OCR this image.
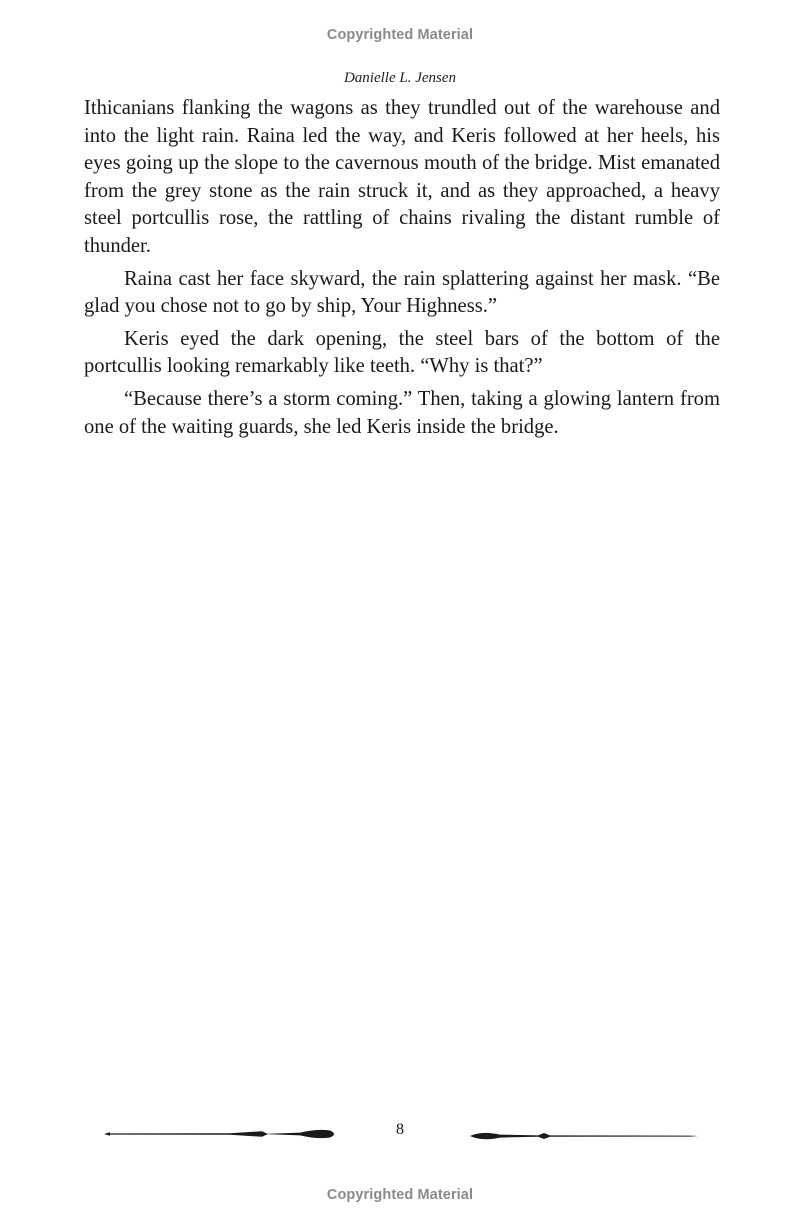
Copyrighted Material
Danielle L. Jensen

Ithicanians flanking the wagons as they trundled out of the warehouse and into the light rain. Raina led the way, and Keris followed at her heels, his eyes going up the slope to the cavernous mouth of the bridge. Mist emanated from the grey stone as the rain struck it, and as they approached, a heavy steel portcullis rose, the rattling of chains rivaling the distant rumble of thunder.

Raina cast her face skyward, the rain splattering against her mask. “Be glad you chose not to go by ship, Your Highness.”

Keris eyed the dark opening, the steel bars of the bottom of the portcullis looking remarkably like teeth. “Why is that?”

“Because there’s a storm coming.” Then, taking a glowing lantern from one of the waiting guards, she led Keris inside the bridge.

8
Copyrighted Material
